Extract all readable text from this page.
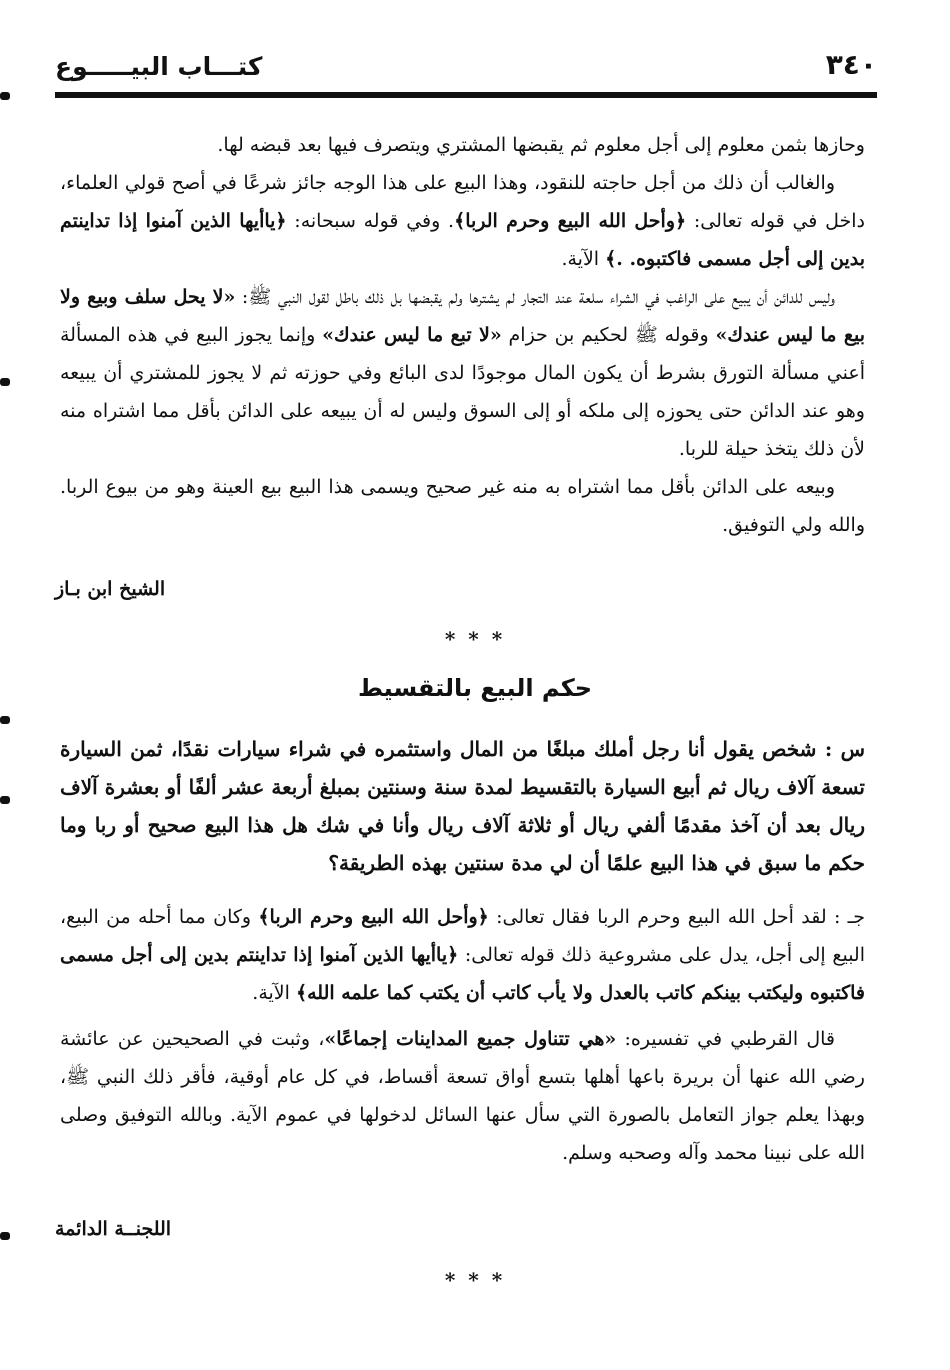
كتـــاب البيـــــوع	٣٤٠

وحازها بثمن معلوم إلى أجل معلوم ثم يقبضها المشتري ويتصرف فيها بعد قبضه لها.

والغالب أن ذلك من أجل حاجته للنقود، وهذا البيع على هذا الوجه جائز شرعًا في أصح قولي العلماء، داخل في قوله تعالى: ﴿وأحل الله البيع وحرم الربا﴾. وفي قوله سبحانه: ﴿ياأيها الذين آمنوا إذا تداينتم بدين إلى أجل مسمى فاكتبوه. .﴾ الآية.

وليس للدائن أن يبيع على الراغب في الشراء سلعة عند التجار لم يشترها ولم يقبضها بل ذلك باطل لقول النبي ﷺ: «لا يحل سلف وبيع ولا بيع ما ليس عندك» وقوله ﷺ لحكيم بن حزام «لا تبع ما ليس عندك» وإنما يجوز البيع في هذه المسألة أعني مسألة التورق بشرط أن يكون المال موجودًا لدى البائع وفي حوزته ثم لا يجوز للمشتري أن يبيعه وهو عند الدائن حتى يحوزه إلى ملكه أو إلى السوق وليس له أن يبيعه على الدائن بأقل مما اشتراه منه لأن ذلك يتخذ حيلة للربا.

وبيعه على الدائن بأقل مما اشتراه به منه غير صحيح ويسمى هذا البيع بيع العينة وهو من بيوع الربا. والله ولي التوفيق.

الشيخ ابن بـاز
* * *
حكم البيع بالتقسيط

س : شخص يقول أنا رجل أملك مبلغًا من المال واستثمره في شراء سيارات نقدًا، ثمن السيارة تسعة آلاف ريال ثم أبيع السيارة بالتقسيط لمدة سنة وسنتين بمبلغ أربعة عشر ألفًا أو بعشرة آلاف ريال بعد أن آخذ مقدمًا ألفي ريال أو ثلاثة آلاف ريال وأنا في شك هل هذا البيع صحيح أو ربا وما حكم ما سبق في هذا البيع علمًا أن لي مدة سنتين بهذه الطريقة؟

جـ : لقد أحل الله البيع وحرم الربا فقال تعالى: ﴿وأحل الله البيع وحرم الربا﴾ وكان مما أحله من البيع، البيع إلى أجل، يدل على مشروعية ذلك قوله تعالى: ﴿ياأيها الذين آمنوا إذا تداينتم بدين إلى أجل مسمى فاكتبوه وليكتب بينكم كاتب بالعدل ولا يأب كاتب أن يكتب كما علمه الله﴾ الآية.

قال القرطبي في تفسيره: «هي تتناول جميع المداينات إجماعًا»، وثبت في الصحيحين عن عائشة رضي الله عنها أن بريرة باعها أهلها بتسع أواق تسعة أقساط، في كل عام أوقية، فأقر ذلك النبي ﷺ، وبهذا يعلم جواز التعامل بالصورة التي سأل عنها السائل لدخولها في عموم الآية. وبالله التوفيق وصلى الله على نبينا محمد وآله وصحبه وسلم.

اللجنــة الدائمة
* * *
